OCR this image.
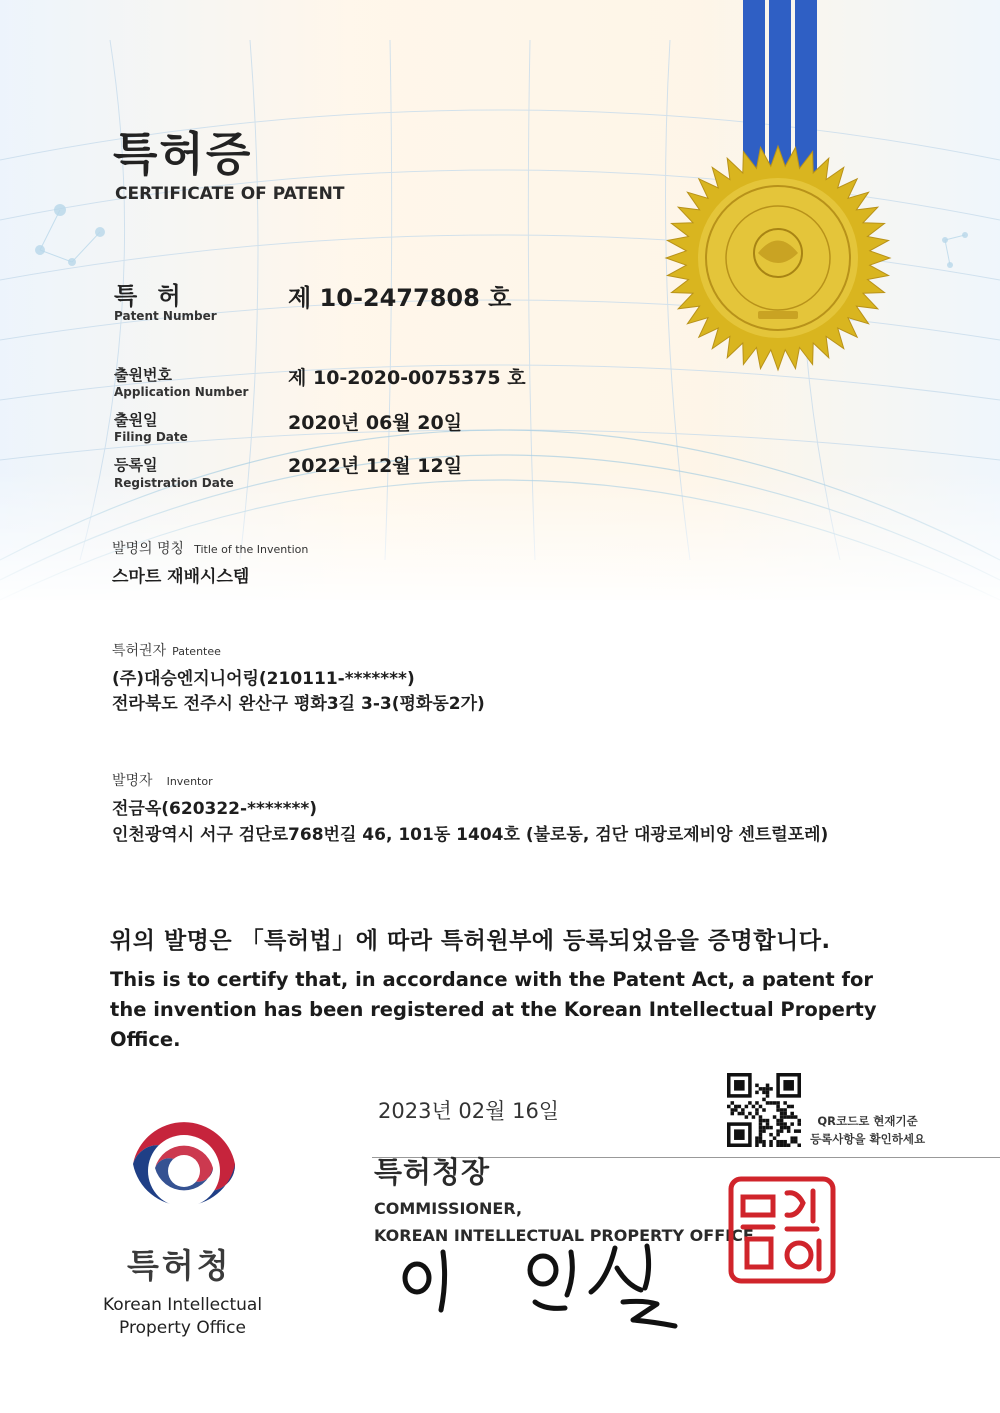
특허증
CERTIFICATE OF PATENT
특 허
Patent Number
제 10-2477808 호
출원번호
Application Number
제 10-2020-0075375 호
출원일
Filing Date
2020년 06월 20일
등록일
Registration Date
2022년 12월 12일
발명의 명칭 Title of the Invention
스마트 재배시스템
특허권자 Patentee
(주)대승엔지니어링(210111-*******)
전라북도 전주시 완산구 평화3길 3-3(평화동2가)
발명자 Inventor
전금옥(620322-*******)
인천광역시 서구 검단로768번길 46, 101동 1404호 (불로동, 검단 대광로제비앙 센트럴포레)
위의 발명은 「특허법」에 따라 특허원부에 등록되었음을 증명합니다.
This is to certify that, in accordance with the Patent Act, a patent for the invention has been registered at the Korean Intellectual Property Office.
2023년 02월 16일
특허청장
COMMISSIONER,
KOREAN INTELLECTUAL PROPERTY OFFICE
QR코드로 현재기준
등록사항을 확인하세요
특허청
Korean Intellectual
Property Office
